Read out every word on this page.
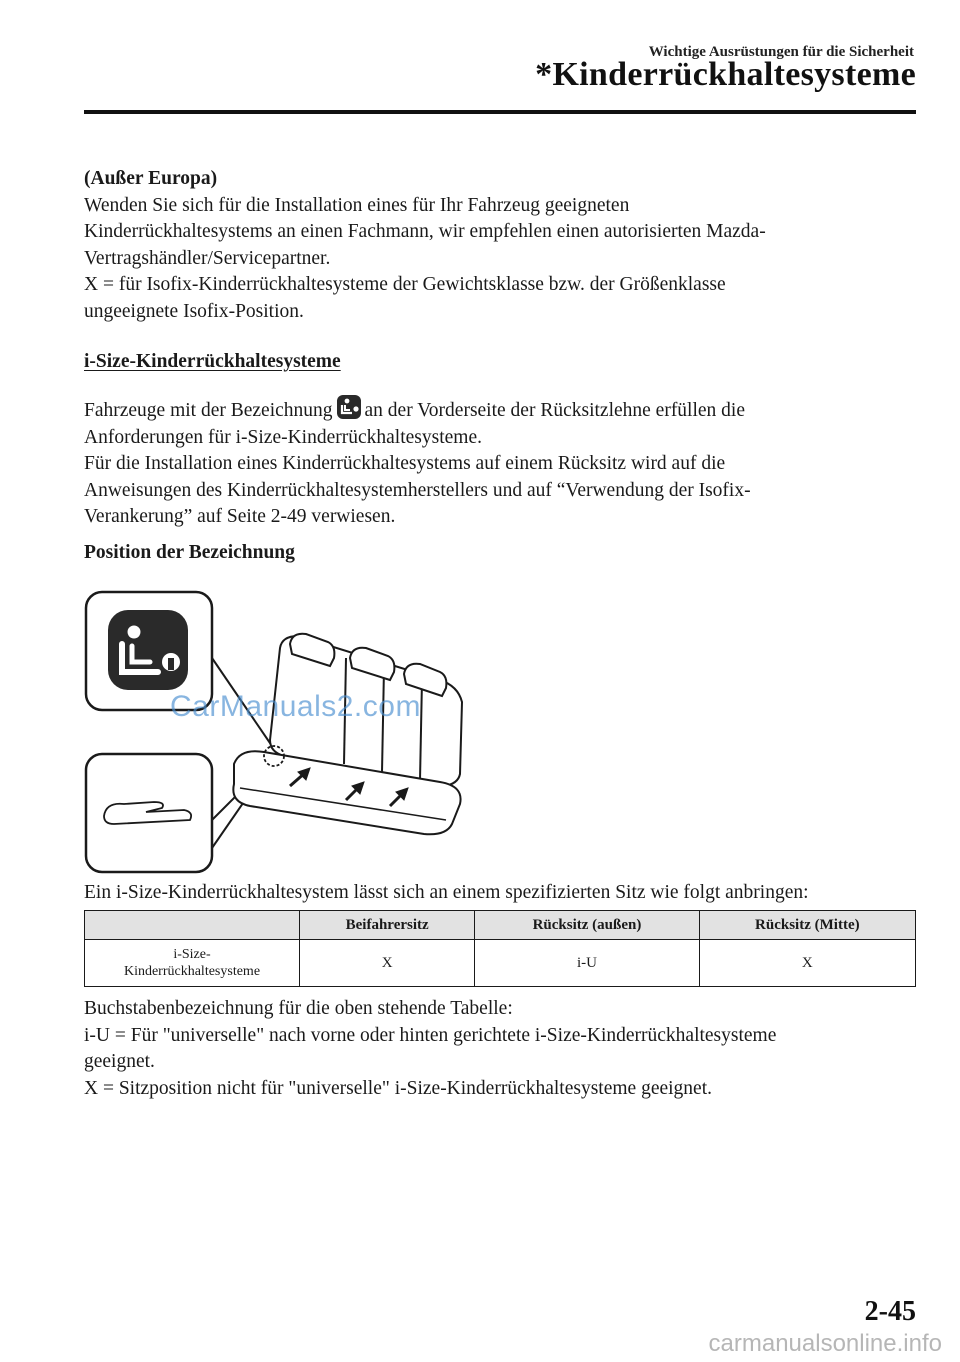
Wichtige Ausrüstungen für die Sicherheit
*Kinderrückhaltesysteme
(Außer Europa)
Wenden Sie sich für die Installation eines für Ihr Fahrzeug geeigneten
Kinderrückhaltesystems an einen Fachmann, wir empfehlen einen autorisierten Mazda-
Vertragshändler/Servicepartner.
X = für Isofix-Kinderrückhaltesysteme der Gewichtsklasse bzw. der Größenklasse
ungeeignete Isofix-Position.
i-Size-Kinderrückhaltesysteme
Fahrzeuge mit der Bezeichnung an der Vorderseite der Rücksitzlehne erfüllen die
Anforderungen für i-Size-Kinderrückhaltesysteme.
Für die Installation eines Kinderrückhaltesystems auf einem Rücksitz wird auf die
Anweisungen des Kinderrückhaltesystemherstellers und auf “Verwendung der Isofix-
Verankerung” auf Seite 2-49 verwiesen.
Position der Bezeichnung
CarManuals2.com
Ein i-Size-Kinderrückhaltesystem lässt sich an einem spezifizierten Sitz wie folgt anbringen:
	Beifahrersitz	Rücksitz (außen)	Rücksitz (Mitte)

i-Size-
Kinderrückhaltesysteme	X	i-U	X
Buchstabenbezeichnung für die oben stehende Tabelle:
i-U = Für "universelle" nach vorne oder hinten gerichtete i-Size-Kinderrückhaltesysteme
geeignet.
X = Sitzposition nicht für "universelle" i-Size-Kinderrückhaltesysteme geeignet.
2-45
carmanualsonline.info
